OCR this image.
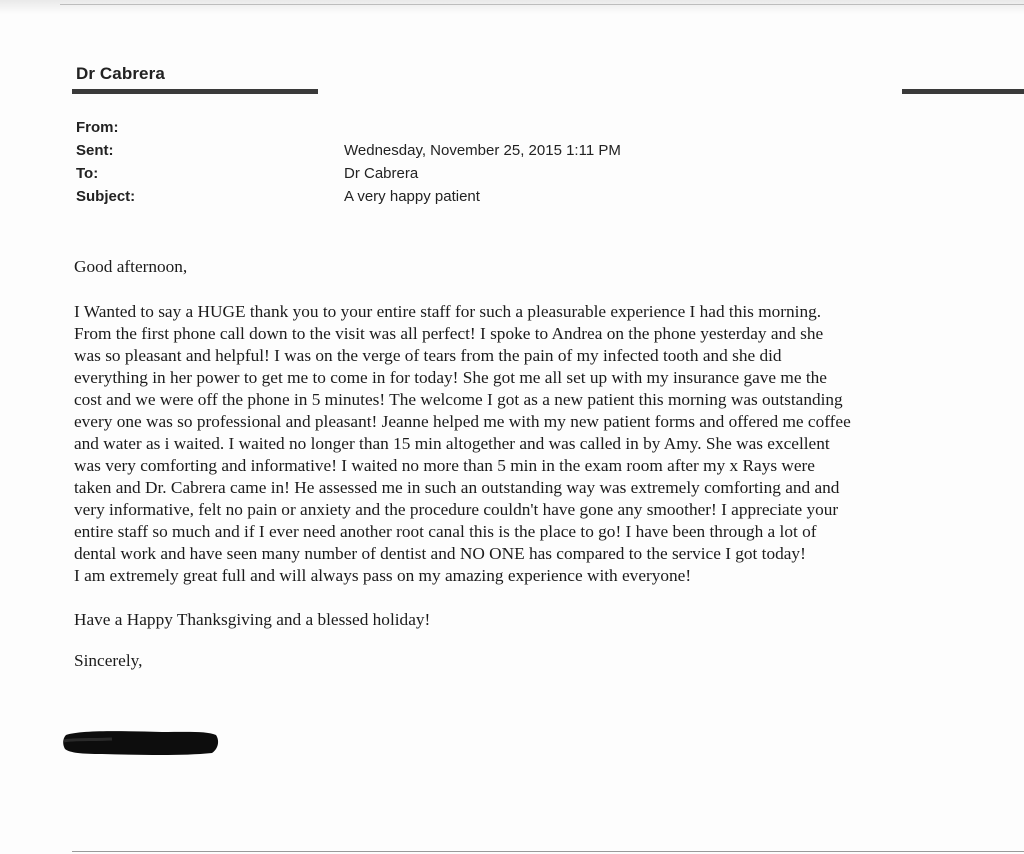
Dr Cabrera
From:
Sent:	Wednesday, November 25, 2015 1:11 PM
To:	Dr Cabrera
Subject:	A very happy patient

Good afternoon,

I Wanted to say a HUGE thank you to your entire staff for such a pleasurable experience I had this morning.
From the first phone call down to the visit was all perfect! I spoke to Andrea on the phone yesterday and she
was so pleasant and helpful! I was on the verge of tears from the pain of my infected tooth and she did
everything in her power to get me to come in for today! She got me all set up with my insurance gave me the
cost and we were off the phone in 5 minutes! The welcome I got as a new patient this morning was outstanding
every one was so professional and pleasant! Jeanne helped me with my new patient forms and offered me coffee
and water as i waited. I waited no longer than 15 min altogether and was called in by Amy. She was excellent
was very comforting and informative! I waited no more than 5 min in the exam room after my x Rays were
taken and Dr. Cabrera came in! He assessed me in such an outstanding way was extremely comforting and and
very informative, felt no pain or anxiety and the procedure couldn't have gone any smoother! I appreciate your
entire staff so much and if I ever need another root canal this is the place to go! I have been through a lot of
dental work and have seen many number of dentist and NO ONE has compared to the service I got today!
I am extremely great full and will always pass on my amazing experience with everyone!

Have a Happy Thanksgiving and a blessed holiday!

Sincerely,
